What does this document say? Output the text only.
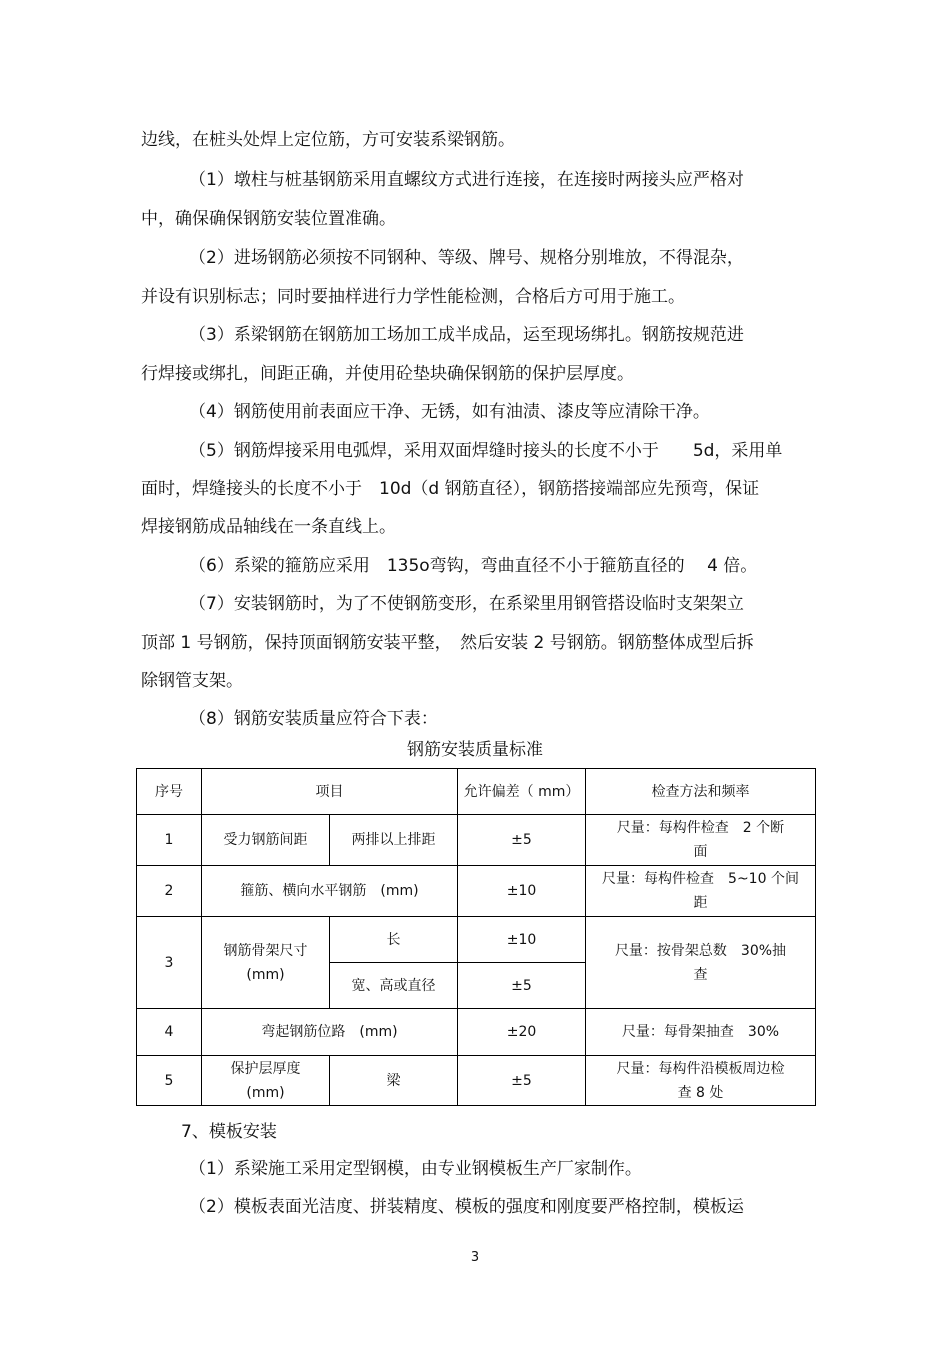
边线，在桩头处焊上定位筋，方可安装系梁钢筋。
（1）墩柱与桩基钢筋采用直螺纹方式进行连接，在连接时两接头应严格对
中，确保确保钢筋安装位置准确。
（2）进场钢筋必须按不同钢种、等级、牌号、规格分别堆放，不得混杂，
并设有识别标志；同时要抽样进行力学性能检测，合格后方可用于施工。
（3）系梁钢筋在钢筋加工场加工成半成品，运至现场绑扎。钢筋按规范进
行焊接或绑扎，间距正确，并使用砼垫块确保钢筋的保护层厚度。
（4）钢筋使用前表面应干净、无锈，如有油渍、漆皮等应清除干净。
（5）钢筋焊接采用电弧焊，采用双面焊缝时接头的长度不小于　　5d，采用单
面时，焊缝接头的长度不小于　10d（d 钢筋直径），钢筋搭接端部应先预弯，保证
焊接钢筋成品轴线在一条直线上。
（6）系梁的箍筋应采用　135o弯钩，弯曲直径不小于箍筋直径的　 4 倍。
（7）安装钢筋时，为了不使钢筋变形，在系梁里用钢管搭设临时支架架立
顶部 1 号钢筋，保持顶面钢筋安装平整，　然后安装 2 号钢筋。钢筋整体成型后拆
除钢管支架。
（8）钢筋安装质量应符合下表：
钢筋安装质量标准
序号	项目		允许偏差（ mm）	检查方法和频率
1	受力钢筋间距	两排以上排距	±5	尺量：每构件检查　2 个断
面
2	箍筋、横向水平钢筋　(mm)		±10	尺量：每构件检查　5~10 个间
距
3	钢筋骨架尺寸
(mm)	长	±10	尺量：按骨架总数　30%抽
查
		宽、高或直径	±5	
4	弯起钢筋位路　(mm)		±20	尺量：每骨架抽查　30%
5	保护层厚度
(mm)	梁	±5	尺量：每构件沿模板周边检
查 8 处
7、模板安装
（1）系梁施工采用定型钢模，由专业钢模板生产厂家制作。
（2）模板表面光洁度、拼装精度、模板的强度和刚度要严格控制，模板运
3
